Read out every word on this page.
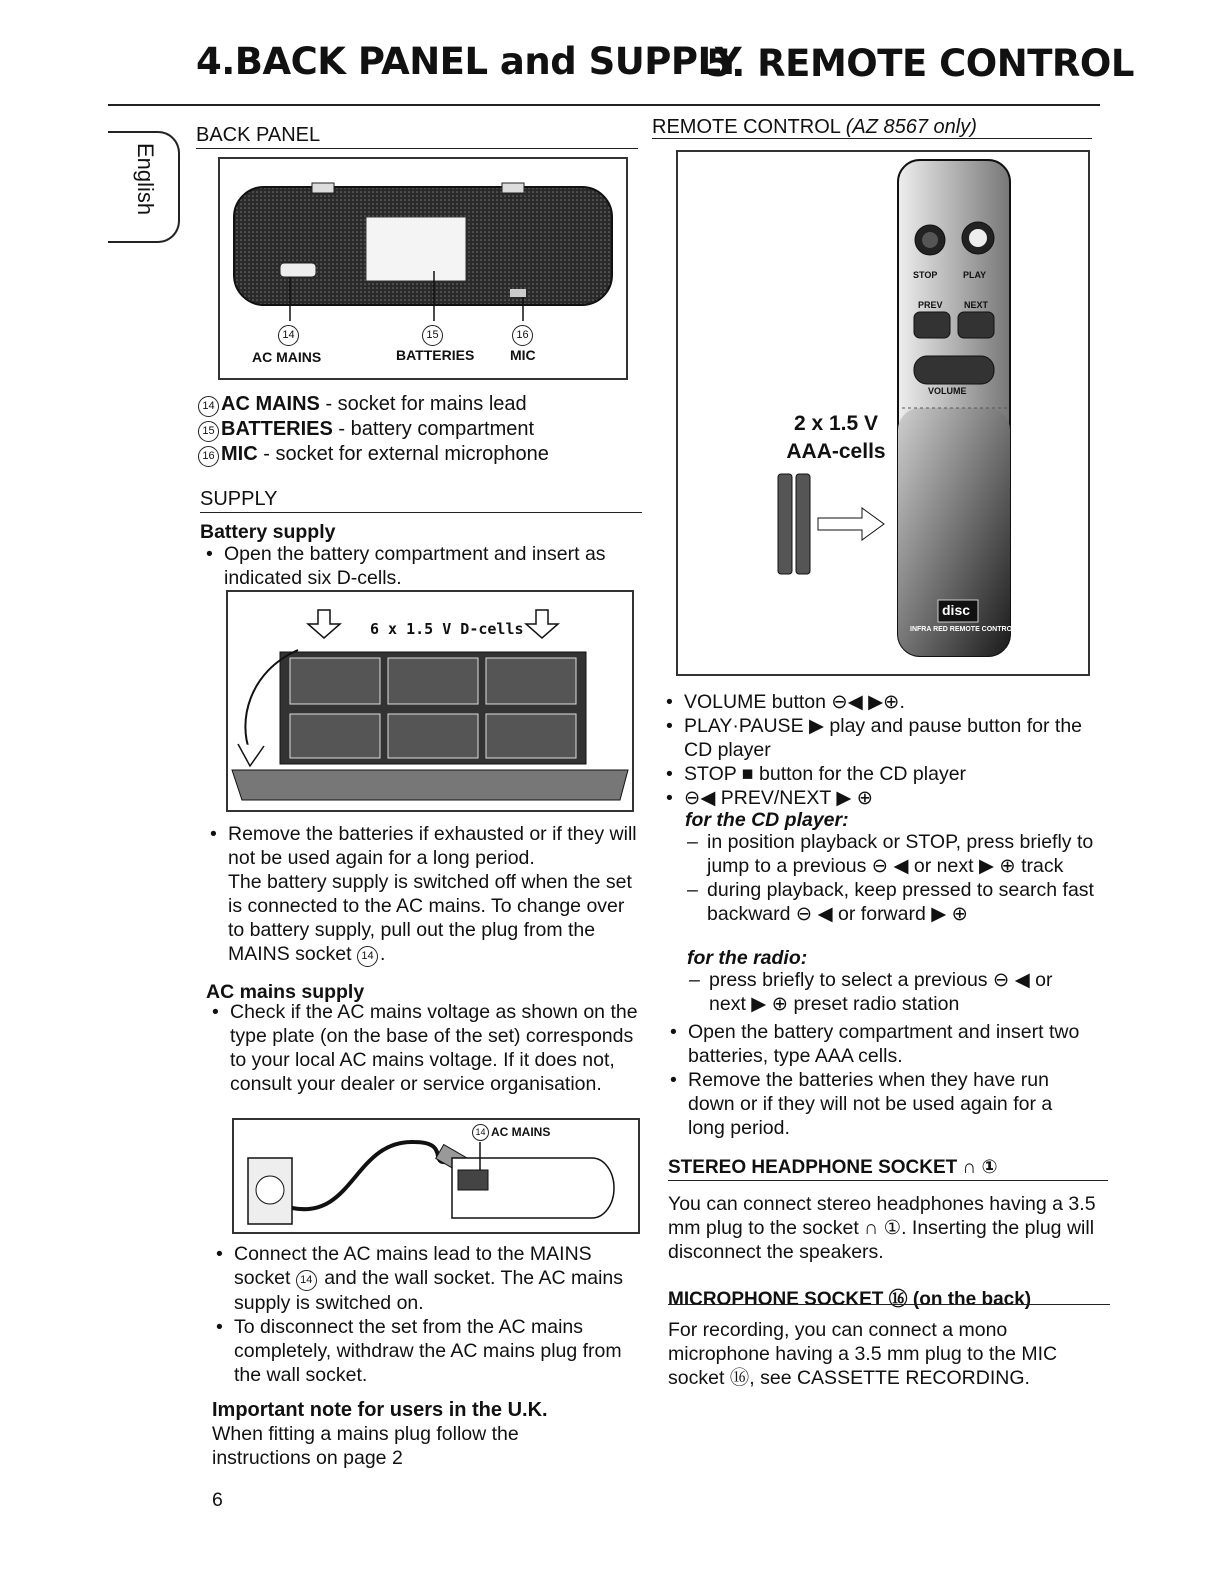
4.BACK PANEL and SUPPLY
5. REMOTE CONTROL
English
BACK PANEL
14	15	16
AC MAINS	BATTERIES	MIC
14 AC MAINS - socket for mains lead
15 BATTERIES - battery compartment
16 MIC - socket for external microphone
SUPPLY
Battery supply
• Open the battery compartment and insert as indicated six D-cells.
6 x 1.5 V D-cells
• Remove the batteries if exhausted or if they will not be used again for a long period.
The battery supply is switched off when the set is connected to the AC mains. To change over to battery supply, pull out the plug from the MAINS socket 14 .
AC mains supply
• Check if the AC mains voltage as shown on the type plate (on the base of the set) corresponds to your local AC mains voltage. If it does not, consult your dealer or service organisation.
14 AC MAINS
• Connect the AC mains lead to the MAINS socket 14 and the wall socket. The AC mains supply is switched on.
• To disconnect the set from the AC mains completely, withdraw the AC mains plug from the wall socket.
Important note for users in the U.K.
When fitting a mains plug follow the instructions on page 2
6
REMOTE CONTROL (AZ 8567 only)
STOP	PLAY
PREV NEXT
VOLUME
disc
INFRA RED REMOTE CONTROL
2 x 1.5 V
AAA-cells
• VOLUME button ⊖◀ ▶⊕.
• PLAY·PAUSE ▶ play and pause button for the CD player
• STOP ■ button for the CD player
• ⊖◀ PREV/NEXT ▶ ⊕
for the CD player:
– in position playback or STOP, press briefly to jump to a previous ⊖ ◀ or next ▶ ⊕ track
– during playback, keep pressed to search fast backward ⊖ ◀ or forward ▶ ⊕
for the radio:
– press briefly to select a previous ⊖ ◀ or next ▶ ⊕ preset radio station
• Open the battery compartment and insert two batteries, type AAA cells.
• Remove the batteries when they have run down or if they will not be used again for a long period.
STEREO HEADPHONE SOCKET ∩ ①
You can connect stereo headphones having a 3.5 mm plug to the socket ∩ ①. Inserting the plug will disconnect the speakers.
MICROPHONE SOCKET ⑯ (on the back)
For recording, you can connect a mono microphone having a 3.5 mm plug to the MIC socket ⑯, see CASSETTE RECORDING.
